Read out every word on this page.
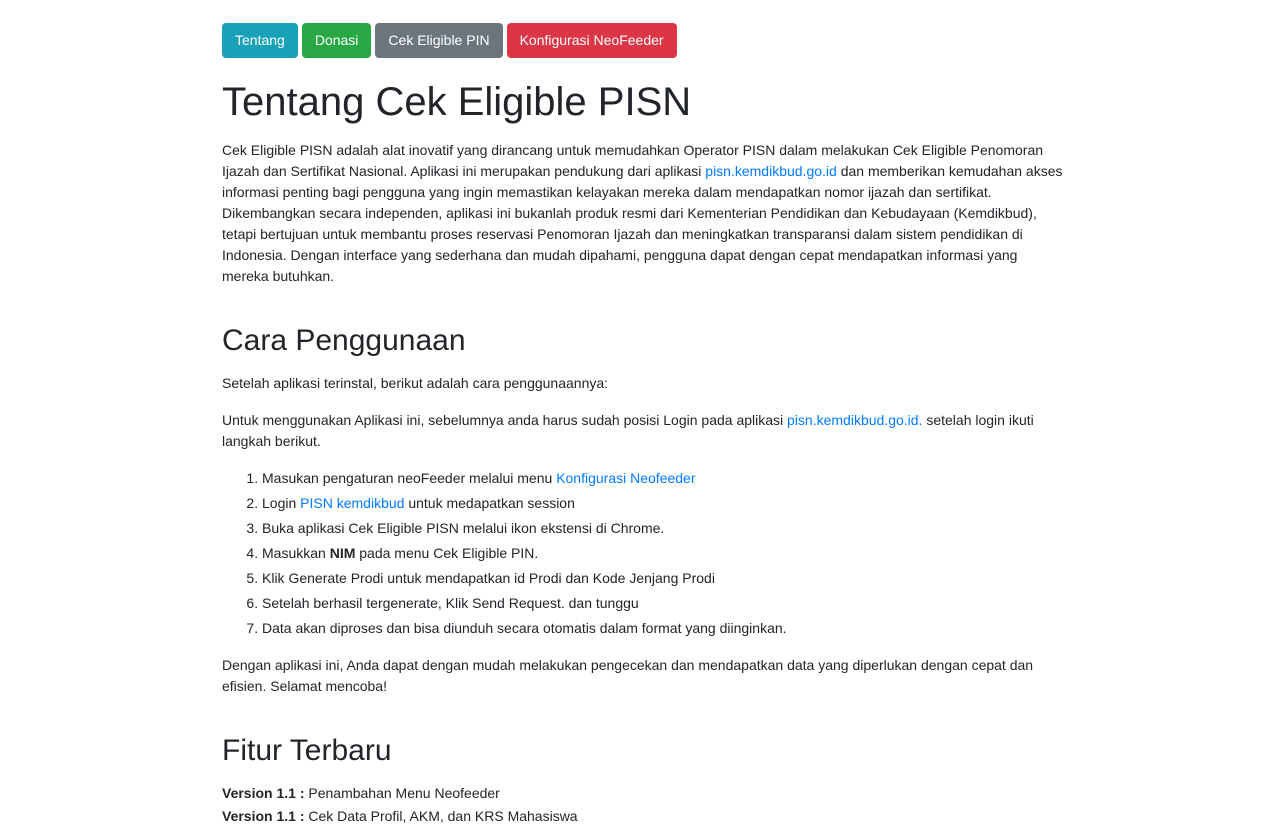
Tentang	Donasi	Cek Eligible PIN	Konfigurasi NeoFeeder
Tentang Cek Eligible PISN

Cek Eligible PISN adalah alat inovatif yang dirancang untuk memudahkan Operator PISN dalam melakukan Cek Eligible Penomoran Ijazah dan Sertifikat Nasional. Aplikasi ini merupakan pendukung dari aplikasi pisn.kemdikbud.go.id dan memberikan kemudahan akses informasi penting bagi pengguna yang ingin memastikan kelayakan mereka dalam mendapatkan nomor ijazah dan sertifikat. Dikembangkan secara independen, aplikasi ini bukanlah produk resmi dari Kementerian Pendidikan dan Kebudayaan (Kemdikbud), tetapi bertujuan untuk membantu proses reservasi Penomoran Ijazah dan meningkatkan transparansi dalam sistem pendidikan di Indonesia. Dengan interface yang sederhana dan mudah dipahami, pengguna dapat dengan cepat mendapatkan informasi yang mereka butuhkan.

Cara Penggunaan

Setelah aplikasi terinstal, berikut adalah cara penggunaannya:

Untuk menggunakan Aplikasi ini, sebelumnya anda harus sudah posisi Login pada aplikasi pisn.kemdikbud.go.id. setelah login ikuti langkah berikut.

1. Masukan pengaturan neoFeeder melalui menu Konfigurasi Neofeeder
2. Login PISN kemdikbud untuk medapatkan session
3. Buka aplikasi Cek Eligible PISN melalui ikon ekstensi di Chrome.
4. Masukkan NIM pada menu Cek Eligible PIN.
5. Klik Generate Prodi untuk mendapatkan id Prodi dan Kode Jenjang Prodi
6. Setelah berhasil tergenerate, Klik Send Request. dan tunggu
7. Data akan diproses dan bisa diunduh secara otomatis dalam format yang diinginkan.

Dengan aplikasi ini, Anda dapat dengan mudah melakukan pengecekan dan mendapatkan data yang diperlukan dengan cepat dan efisien. Selamat mencoba!

Fitur Terbaru

Version 1.1 : Penambahan Menu Neofeeder

Version 1.1 : Cek Data Profil, AKM, dan KRS Mahasiswa
